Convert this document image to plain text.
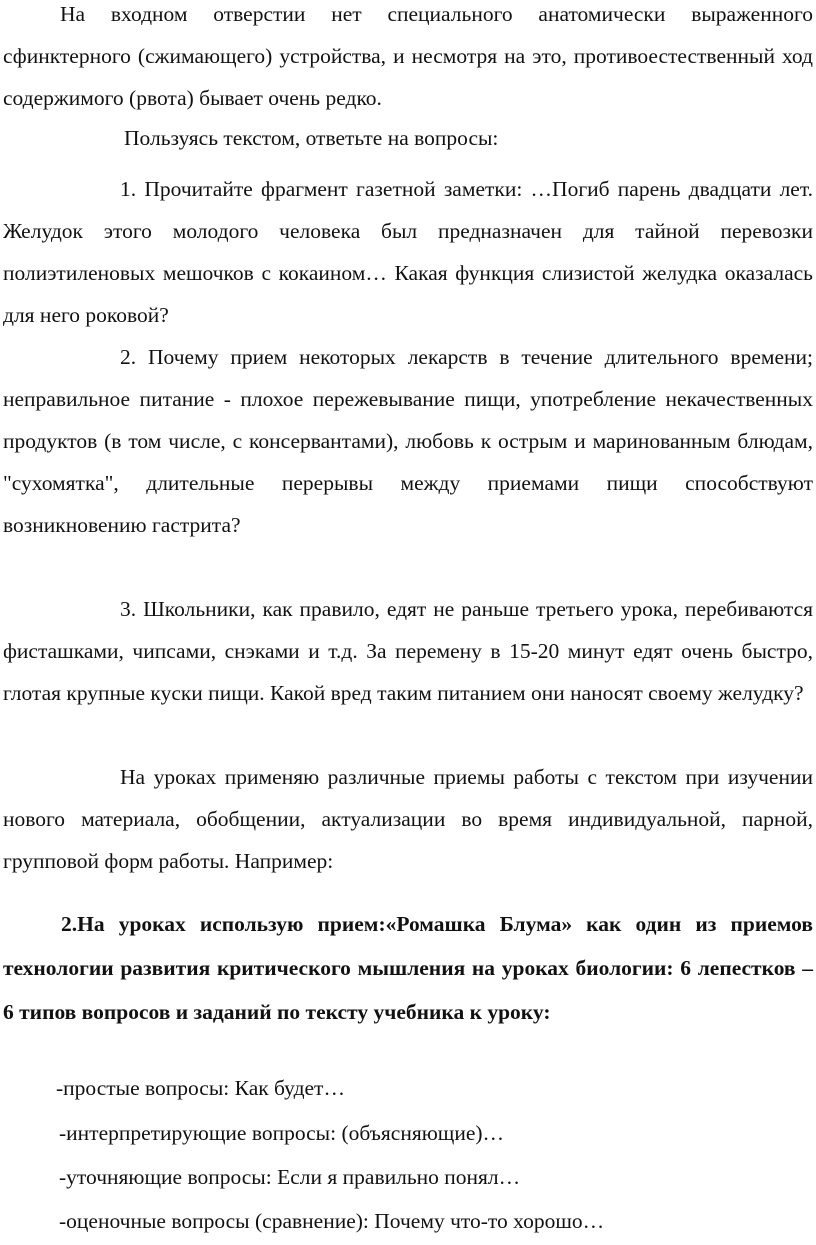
На входном отверстии нет специального анатомически выраженного сфинктерного (сжимающего) устройства, и несмотря на это, противоестественный ход содержимого (рвота) бывает очень редко.

Пользуясь текстом, ответьте на вопросы:

1. Прочитайте фрагмент газетной заметки: …Погиб парень двадцати лет. Желудок этого молодого человека был предназначен для тайной перевозки полиэтиленовых мешочков с кокаином… Какая функция слизистой желудка оказалась для него роковой?

2. Почему прием некоторых лекарств в течение длительного времени; неправильное питание - плохое пережевывание пищи, употребление некачественных продуктов (в том числе, с консервантами), любовь к острым и маринованным блюдам, "сухомятка", длительные перерывы между приемами пищи способствуют возникновению гастрита?

3. Школьники, как правило, едят не раньше третьего урока, перебиваются фисташками, чипсами, снэками и т.д. За перемену в 15-20 минут едят очень быстро, глотая крупные куски пищи. Какой вред таким питанием они наносят своему желудку?

На уроках применяю различные приемы работы с текстом при изучении нового материала, обобщении, актуализации во время индивидуальной, парной, групповой форм работы. Например:

2.На уроках использую прием:«Ромашка Блума» как один из приемов технологии развития критического мышления на уроках биологии: 6 лепестков – 6 типов вопросов и заданий по тексту учебника к уроку:

-простые вопросы: Как будет…
-интерпретирующие вопросы: (объясняющие)…
-уточняющие вопросы: Если я правильно понял…
-оценочные вопросы (сравнение): Почему что-то хорошо…
